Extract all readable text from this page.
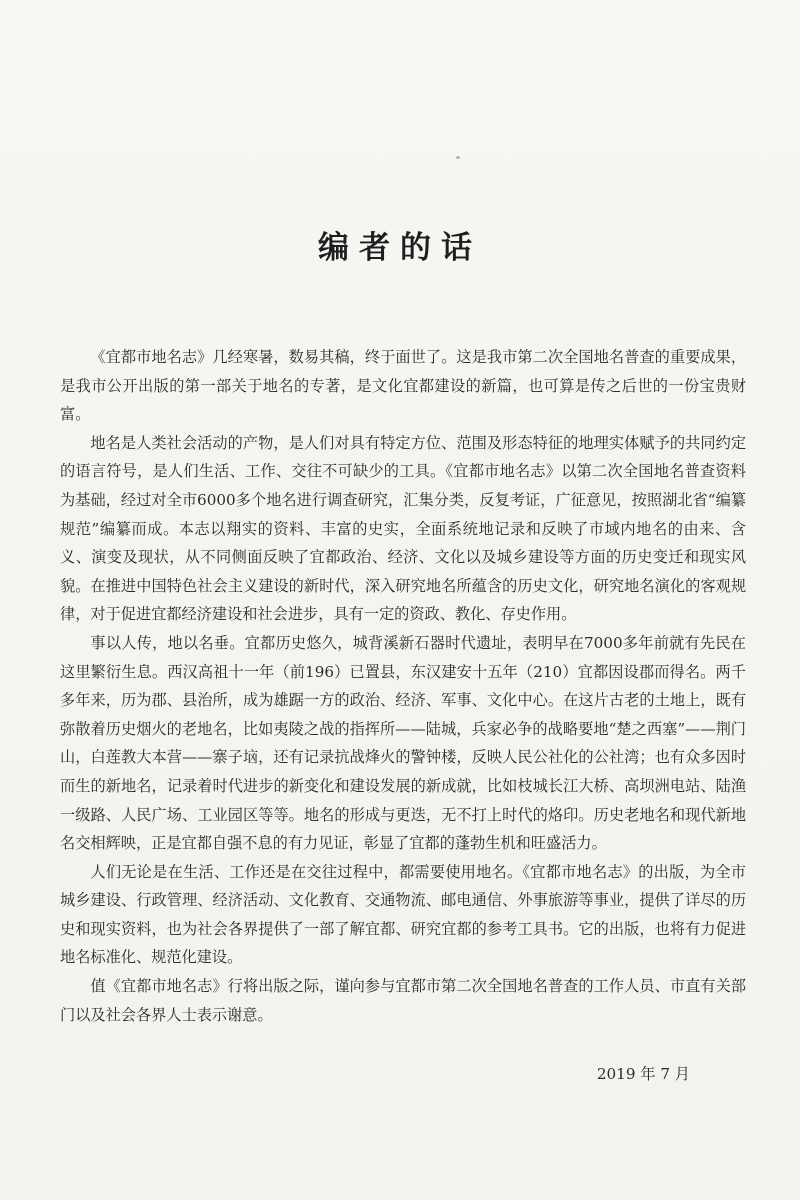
编者的话

《宜都市地名志》几经寒暑，数易其稿，终于面世了。这是我市第二次全国地名普查的重要成果，是我市公开出版的第一部关于地名的专著，是文化宜都建设的新篇，也可算是传之后世的一份宝贵财富。

地名是人类社会活动的产物，是人们对具有特定方位、范围及形态特征的地理实体赋予的共同约定的语言符号，是人们生活、工作、交往不可缺少的工具。《宜都市地名志》以第二次全国地名普查资料为基础，经过对全市6000多个地名进行调查研究，汇集分类，反复考证，广征意见，按照湖北省“编纂规范”编纂而成。本志以翔实的资料、丰富的史实，全面系统地记录和反映了市域内地名的由来、含义、演变及现状，从不同侧面反映了宜都政治、经济、文化以及城乡建设等方面的历史变迁和现实风貌。在推进中国特色社会主义建设的新时代，深入研究地名所蕴含的历史文化，研究地名演化的客观规律，对于促进宜都经济建设和社会进步，具有一定的资政、教化、存史作用。

事以人传，地以名垂。宜都历史悠久，城背溪新石器时代遗址，表明早在7000多年前就有先民在这里繁衍生息。西汉高祖十一年（前196）已置县，东汉建安十五年（210）宜都因设郡而得名。两千多年来，历为郡、县治所，成为雄踞一方的政治、经济、军事、文化中心。在这片古老的土地上，既有弥散着历史烟火的老地名，比如夷陵之战的指挥所——陆城，兵家必争的战略要地“楚之西塞”——荆门山，白莲教大本营——寨子垴，还有记录抗战烽火的警钟楼，反映人民公社化的公社湾；也有众多因时而生的新地名，记录着时代进步的新变化和建设发展的新成就，比如枝城长江大桥、高坝洲电站、陆渔一级路、人民广场、工业园区等等。地名的形成与更迭，无不打上时代的烙印。历史老地名和现代新地名交相辉映，正是宜都自强不息的有力见证，彰显了宜都的蓬勃生机和旺盛活力。

人们无论是在生活、工作还是在交往过程中，都需要使用地名。《宜都市地名志》的出版，为全市城乡建设、行政管理、经济活动、文化教育、交通物流、邮电通信、外事旅游等事业，提供了详尽的历史和现实资料，也为社会各界提供了一部了解宜都、研究宜都的参考工具书。它的出版，也将有力促进地名标准化、规范化建设。

值《宜都市地名志》行将出版之际，谨向参与宜都市第二次全国地名普查的工作人员、市直有关部门以及社会各界人士表示谢意。

2019 年 7 月
